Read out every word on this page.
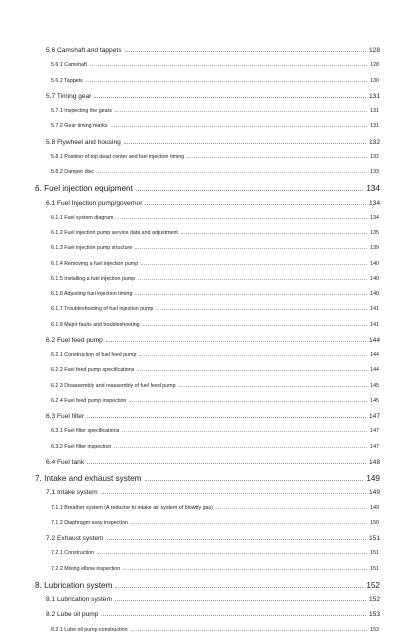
5.6 Camshaft and tappets	128
5.6.1 Camshaft	128
5.6.2 Tappets	130
5.7 Timing gear	131
5.7.1 Inspecting the gears	131
5.7.2 Gear timing marks	131
5.8 Flywheel and housing	132
5.8.1 Position of top dead center and fuel injection timing	132
5.8.2 Damper disc	133
6. Fuel injection equipment	134
6.1 Fuel Injection pump/governor	134
6.1.1 Fuel system diagram	134
6.1.2 Fuel injection pump service data and adjustment	135
6.1.3 Fuel injection pump structure	139
6.1.4 Removing a fuel injection pump	140
6.1.5 Installing a fuel injection pump	140
6.1.6 Adjusting fuel injection timing	140
6.1.7 Troubleshooting of fuel injection pump	141
6.1.8 Major faults and troubleshooting	141
6.2 Fuel feed pump	144
6.2.1 Construction of fuel feed pump	144
6.2.2 Fuel feed pump specifications	144
6.2.3 Disassembly and reassembly of fuel feed pump	145
6.2.4 Fuel feed pump inspection	145
6.3 Fuel filter	147
6.3.1 Fuel filter specifications	147
6.3.2 Fuel filter inspection	147
6.4 Fuel tank	148
7. Intake and exhaust system	149
7.1 Intake system	149
7.1.1 Breather system (A reductor to intake air system of blowby gas)	149
7.1.2 Diaphragm assy inspection	150
7.2 Exhaust system	151
7.2.1 Construction	151
7.2.2 Mixing elbow inspection	151
8. Lubrication system	152
8.1 Lubrication system	152
8.2 Lube oil pump	153
8.2.1 Lube oil pump construction	153
